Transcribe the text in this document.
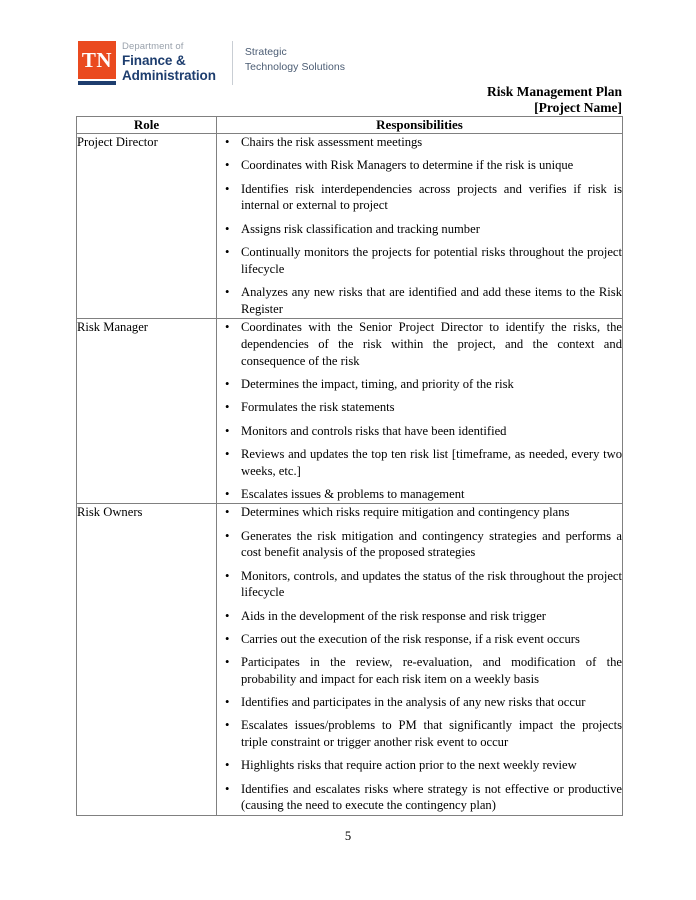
TN
Department of
Finance &
Administration
Strategic
Technology Solutions
Risk Management Plan
[Project Name]
Role	Responsibilities
Project Director	• Chairs the risk assessment meetings
• Coordinates with Risk Managers to determine if the risk is unique
• Identifies risk interdependencies across projects and verifies if risk is internal or external to project
• Assigns risk classification and tracking number
• Continually monitors the projects for potential risks throughout the project lifecycle
• Analyzes any new risks that are identified and add these items to the Risk Register

Risk Manager	• Coordinates with the Senior Project Director to identify the risks, the dependencies of the risk within the project, and the context and consequence of the risk
• Determines the impact, timing, and priority of the risk
• Formulates the risk statements
• Monitors and controls risks that have been identified
• Reviews and updates the top ten risk list [timeframe, as needed, every two weeks, etc.]
• Escalates issues & problems to management

Risk Owners	• Determines which risks require mitigation and contingency plans
• Generates the risk mitigation and contingency strategies and performs a cost benefit analysis of the proposed strategies
• Monitors, controls, and updates the status of the risk throughout the project lifecycle
• Aids in the development of the risk response and risk trigger
• Carries out the execution of the risk response, if a risk event occurs
• Participates in the review, re-evaluation, and modification of the probability and impact for each risk item on a weekly basis
• Identifies and participates in the analysis of any new risks that occur
• Escalates issues/problems to PM that significantly impact the projects triple constraint or trigger another risk event to occur
• Highlights risks that require action prior to the next weekly review
• Identifies and escalates risks where strategy is not effective or productive (causing the need to execute the contingency plan)
5
